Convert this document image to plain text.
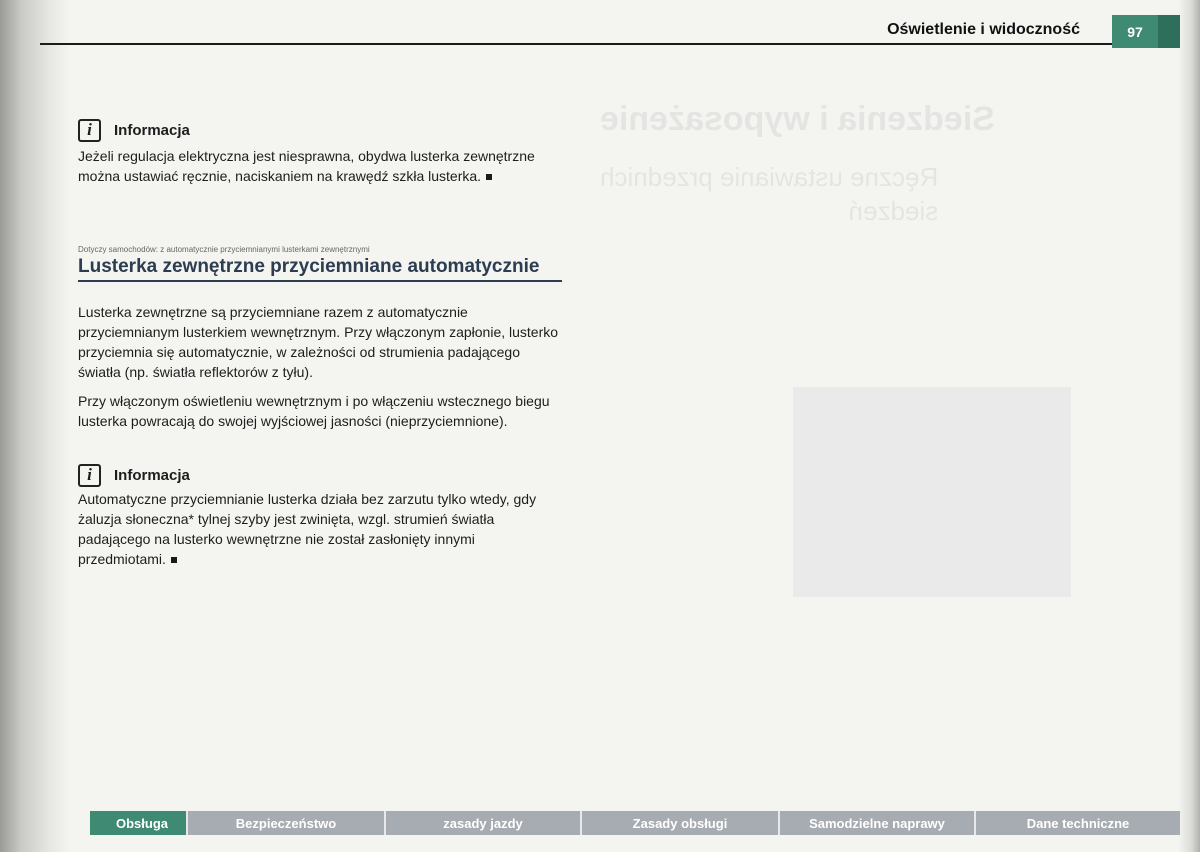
Siedzenia i wyposażenie
Ręczne ustawianie przednich
siedzeń
Oświetlenie i widoczność	97
i	Informacja

Jeżeli regulacja elektryczna jest niesprawna, obydwa lusterka zewnętrzne można ustawiać ręcznie, naciskaniem na krawędź szkła lusterka.

Dotyczy samochodów: z automatycznie przyciemnianymi lusterkami zewnętrznymi
Lusterka zewnętrzne przyciemniane automatycznie

Lusterka zewnętrzne są przyciemniane razem z automatycznie przyciemnianym lusterkiem wewnętrznym. Przy włączonym zapłonie, lusterko przyciemnia się automatycznie, w zależności od strumienia padającego światła (np. światła reflektorów z tyłu).

Przy włączonym oświetleniu wewnętrznym i po włączeniu wstecznego biegu lusterka powracają do swojej wyjściowej jasności (nieprzyciemnione).

i	Informacja

Automatyczne przyciemnianie lusterka działa bez zarzutu tylko wtedy, gdy żaluzja słoneczna* tylnej szyby jest zwinięta, wzgl. strumień światła padającego na lusterko wewnętrzne nie został zasłonięty innymi przedmiotami.

Obsługa	Bezpieczeństwo	zasady jazdy	Zasady obsługi	Samodzielne naprawy	Dane techniczne
